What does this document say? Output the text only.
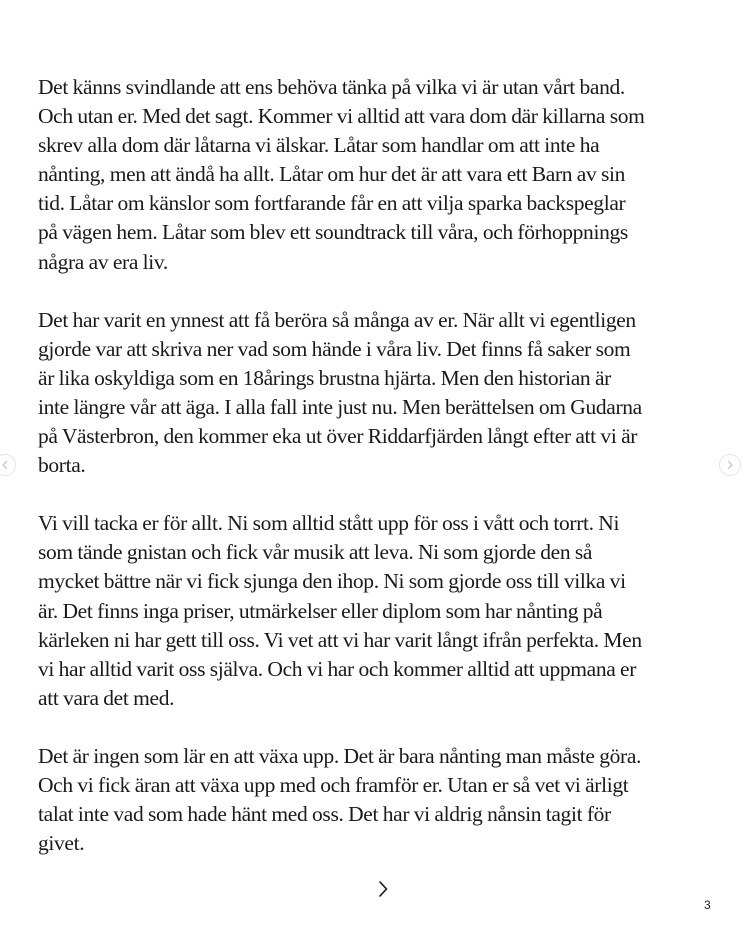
Det känns svindlande att ens behöva tänka på vilka vi är utan vårt band.
Och utan er. Med det sagt. Kommer vi alltid att vara dom där killarna som
skrev alla dom där låtarna vi älskar. Låtar som handlar om att inte ha
nånting, men att ändå ha allt. Låtar om hur det är att vara ett Barn av sin
tid. Låtar om känslor som fortfarande får en att vilja sparka backspeglar
på vägen hem. Låtar som blev ett soundtrack till våra, och förhoppnings
några av era liv.

Det har varit en ynnest att få beröra så många av er. När allt vi egentligen
gjorde var att skriva ner vad som hände i våra liv. Det finns få saker som
är lika oskyldiga som en 18årings brustna hjärta. Men den historian är
inte längre vår att äga. I alla fall inte just nu. Men berättelsen om Gudarna
på Västerbron, den kommer eka ut över Riddarfjärden långt efter att vi är
borta.

Vi vill tacka er för allt. Ni som alltid stått upp för oss i vått och torrt. Ni
som tände gnistan och fick vår musik att leva. Ni som gjorde den så
mycket bättre när vi fick sjunga den ihop. Ni som gjorde oss till vilka vi
är. Det finns inga priser, utmärkelser eller diplom som har nånting på
kärleken ni har gett till oss. Vi vet att vi har varit långt ifrån perfekta. Men
vi har alltid varit oss själva. Och vi har och kommer alltid att uppmana er
att vara det med.

Det är ingen som lär en att växa upp. Det är bara nånting man måste göra.
Och vi fick äran att växa upp med och framför er. Utan er så vet vi ärligt
talat inte vad som hade hänt med oss. Det har vi aldrig nånsin tagit för
givet.

3
